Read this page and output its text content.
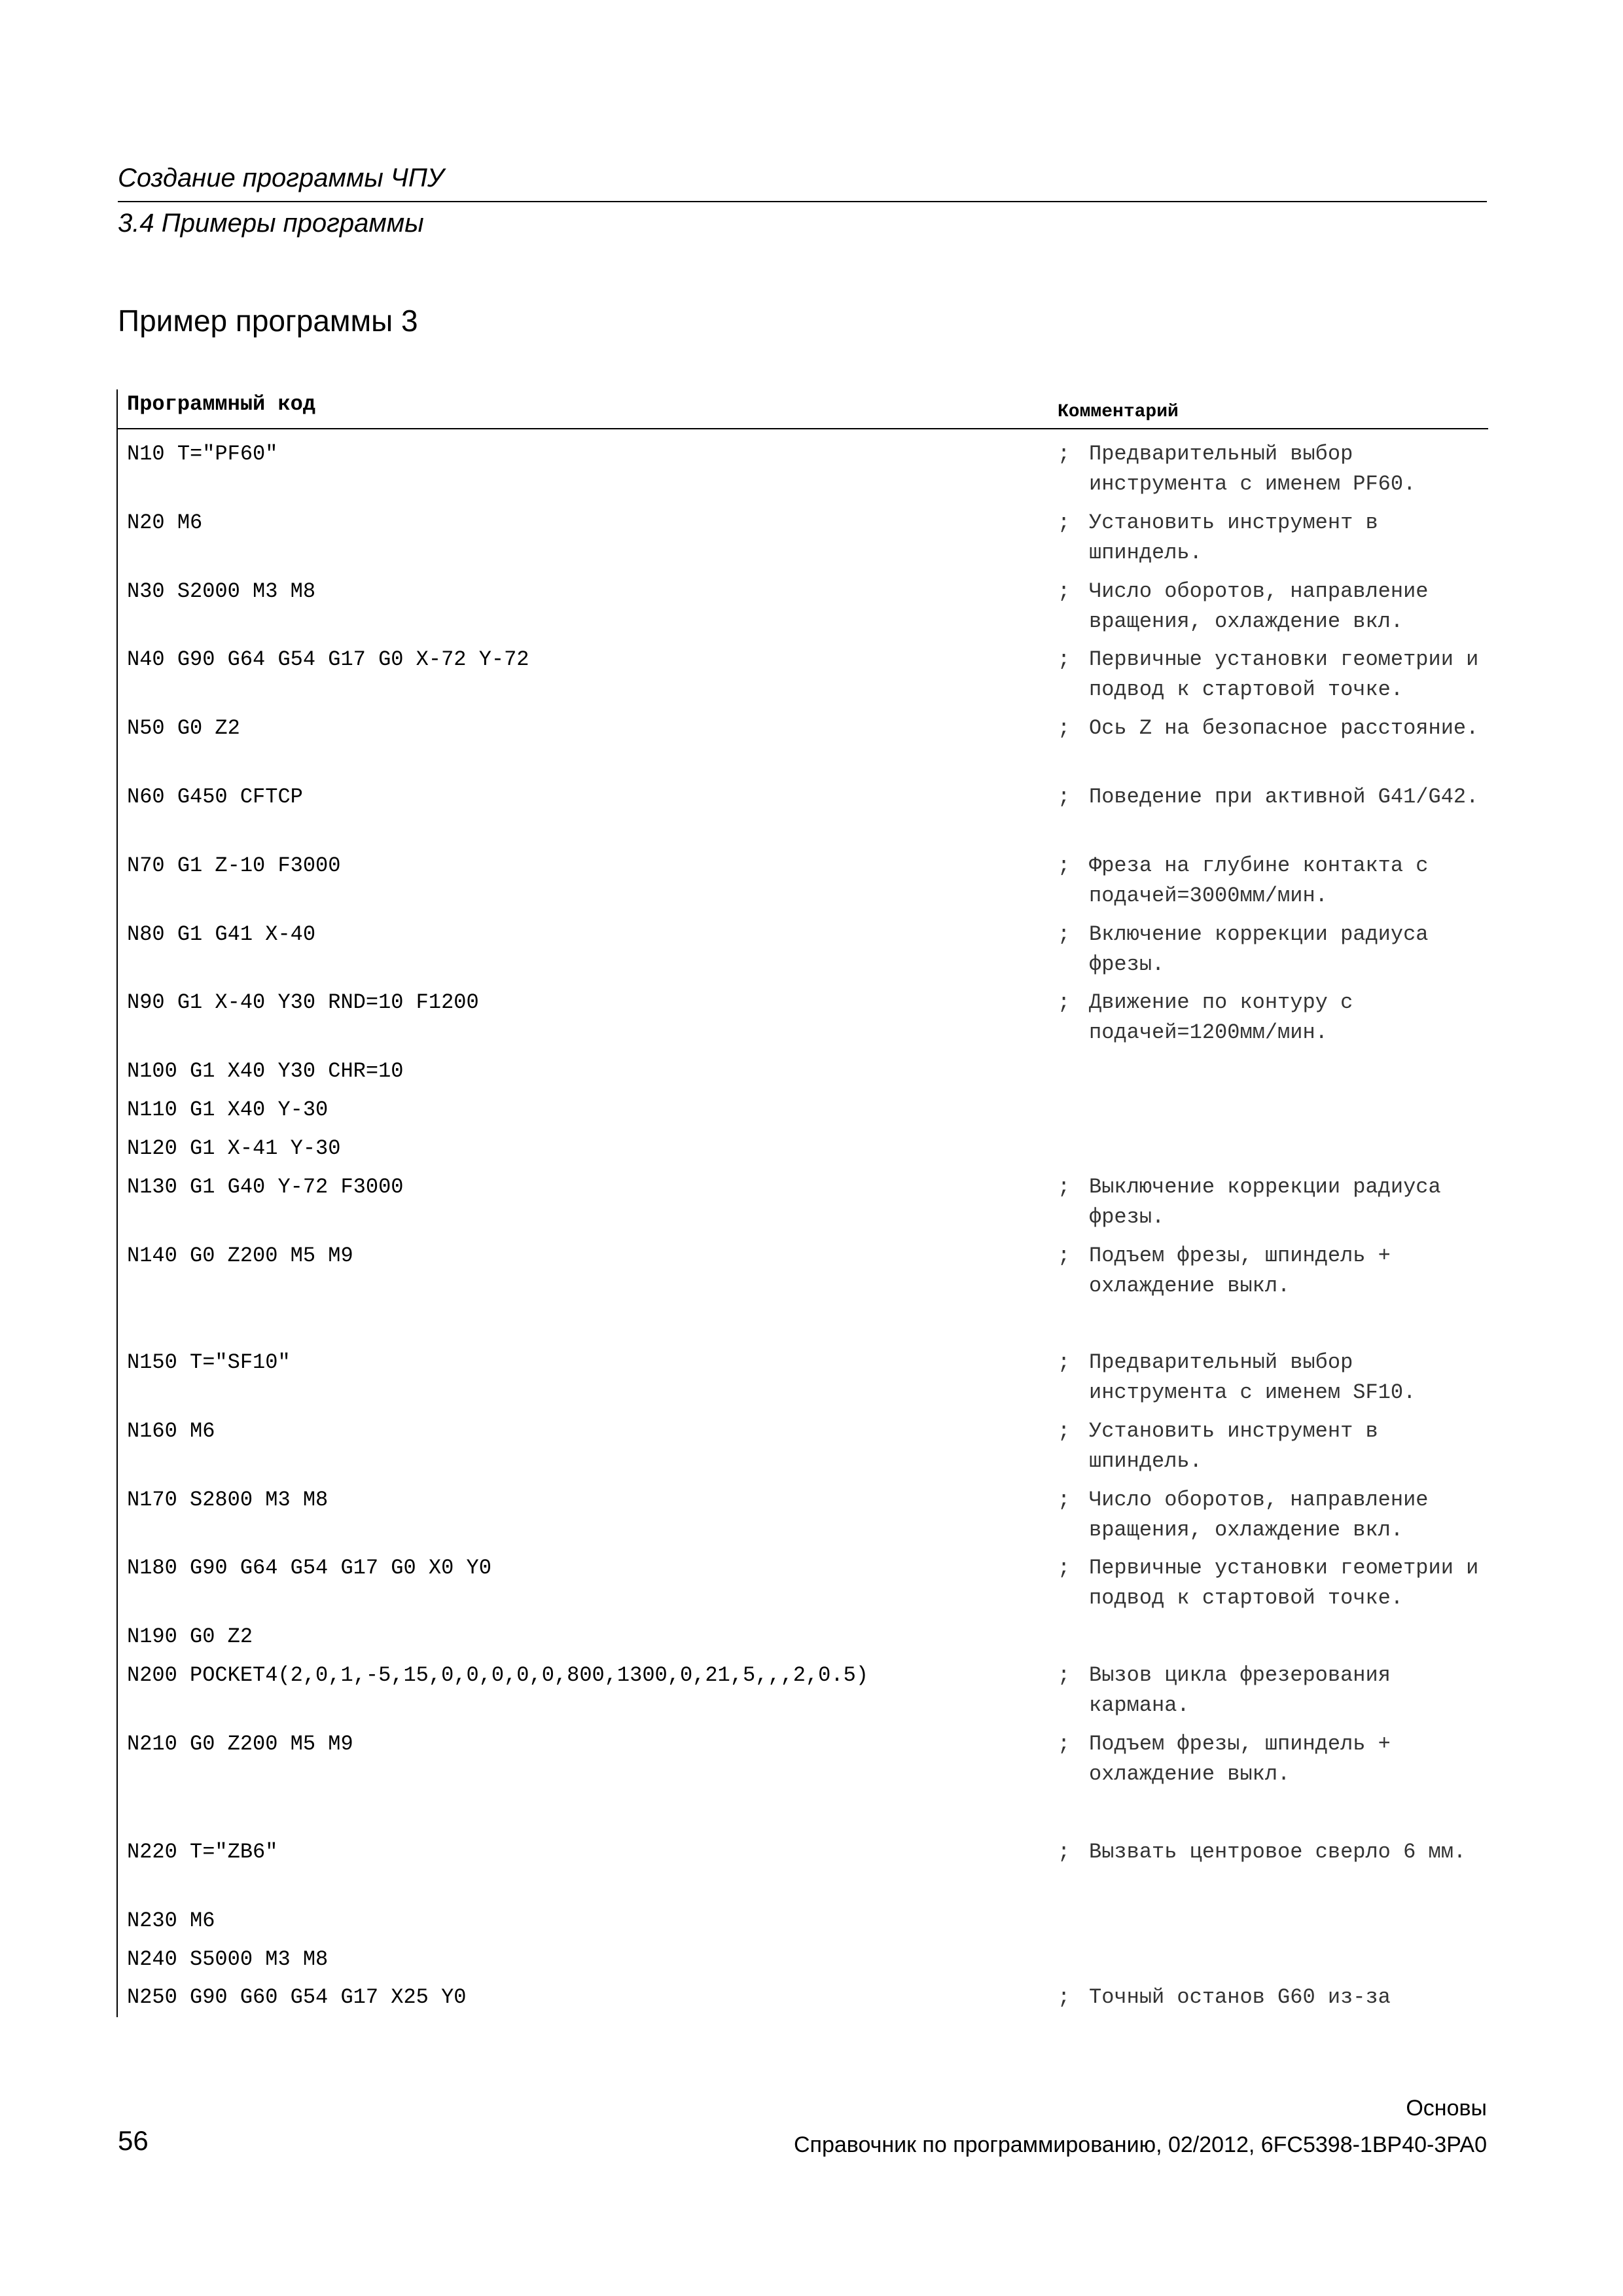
Создание программы ЧПУ
3.4 Примеры программы
Пример программы 3
Программный код	Комментарий
N10 T="PF60"	; Предварительный выбор инструмента с именем PF60.
N20 M6	; Установить инструмент в шпиндель.
N30 S2000 M3 M8	; Число оборотов, направление вращения, охлаждение вкл.
N40 G90 G64 G54 G17 G0 X-72 Y-72	; Первичные установки геометрии и подвод к стартовой точке.
N50 G0 Z2	; Ось Z на безопасное расстояние.
N60 G450 CFTCP	; Поведение при активной G41/G42.
N70 G1 Z-10 F3000	; Фреза на глубине контакта с подачей=3000мм/мин.
N80 G1 G41 X-40	; Включение коррекции радиуса фрезы.
N90 G1 X-40 Y30 RND=10 F1200	; Движение по контуру с подачей=1200мм/мин.
N100 G1 X40 Y30 CHR=10
N110 G1 X40 Y-30
N120 G1 X-41 Y-30
N130 G1 G40 Y-72 F3000	; Выключение коррекции радиуса фрезы.
N140 G0 Z200 M5 M9	; Подъем фрезы, шпиндель + охлаждение выкл.
N150 T="SF10"	; Предварительный выбор инструмента с именем SF10.
N160 M6	; Установить инструмент в шпиндель.
N170 S2800 M3 M8	; Число оборотов, направление вращения, охлаждение вкл.
N180 G90 G64 G54 G17 G0 X0 Y0	; Первичные установки геометрии и подвод к стартовой точке.
N190 G0 Z2
N200 POCKET4(2,0,1,-5,15,0,0,0,0,0,800,1300,0,21,5,,,2,0.5)	; Вызов цикла фрезерования кармана.
N210 G0 Z200 M5 M9	; Подъем фрезы, шпиндель + охлаждение выкл.
N220 T="ZB6"	; Вызвать центровое сверло 6 мм.
N230 M6
N240 S5000 M3 M8
N250 G90 G60 G54 G17 X25 Y0	; Точный останов G60 из-за
Основы
56	Справочник по программированию, 02/2012, 6FC5398-1BP40-3PA0
